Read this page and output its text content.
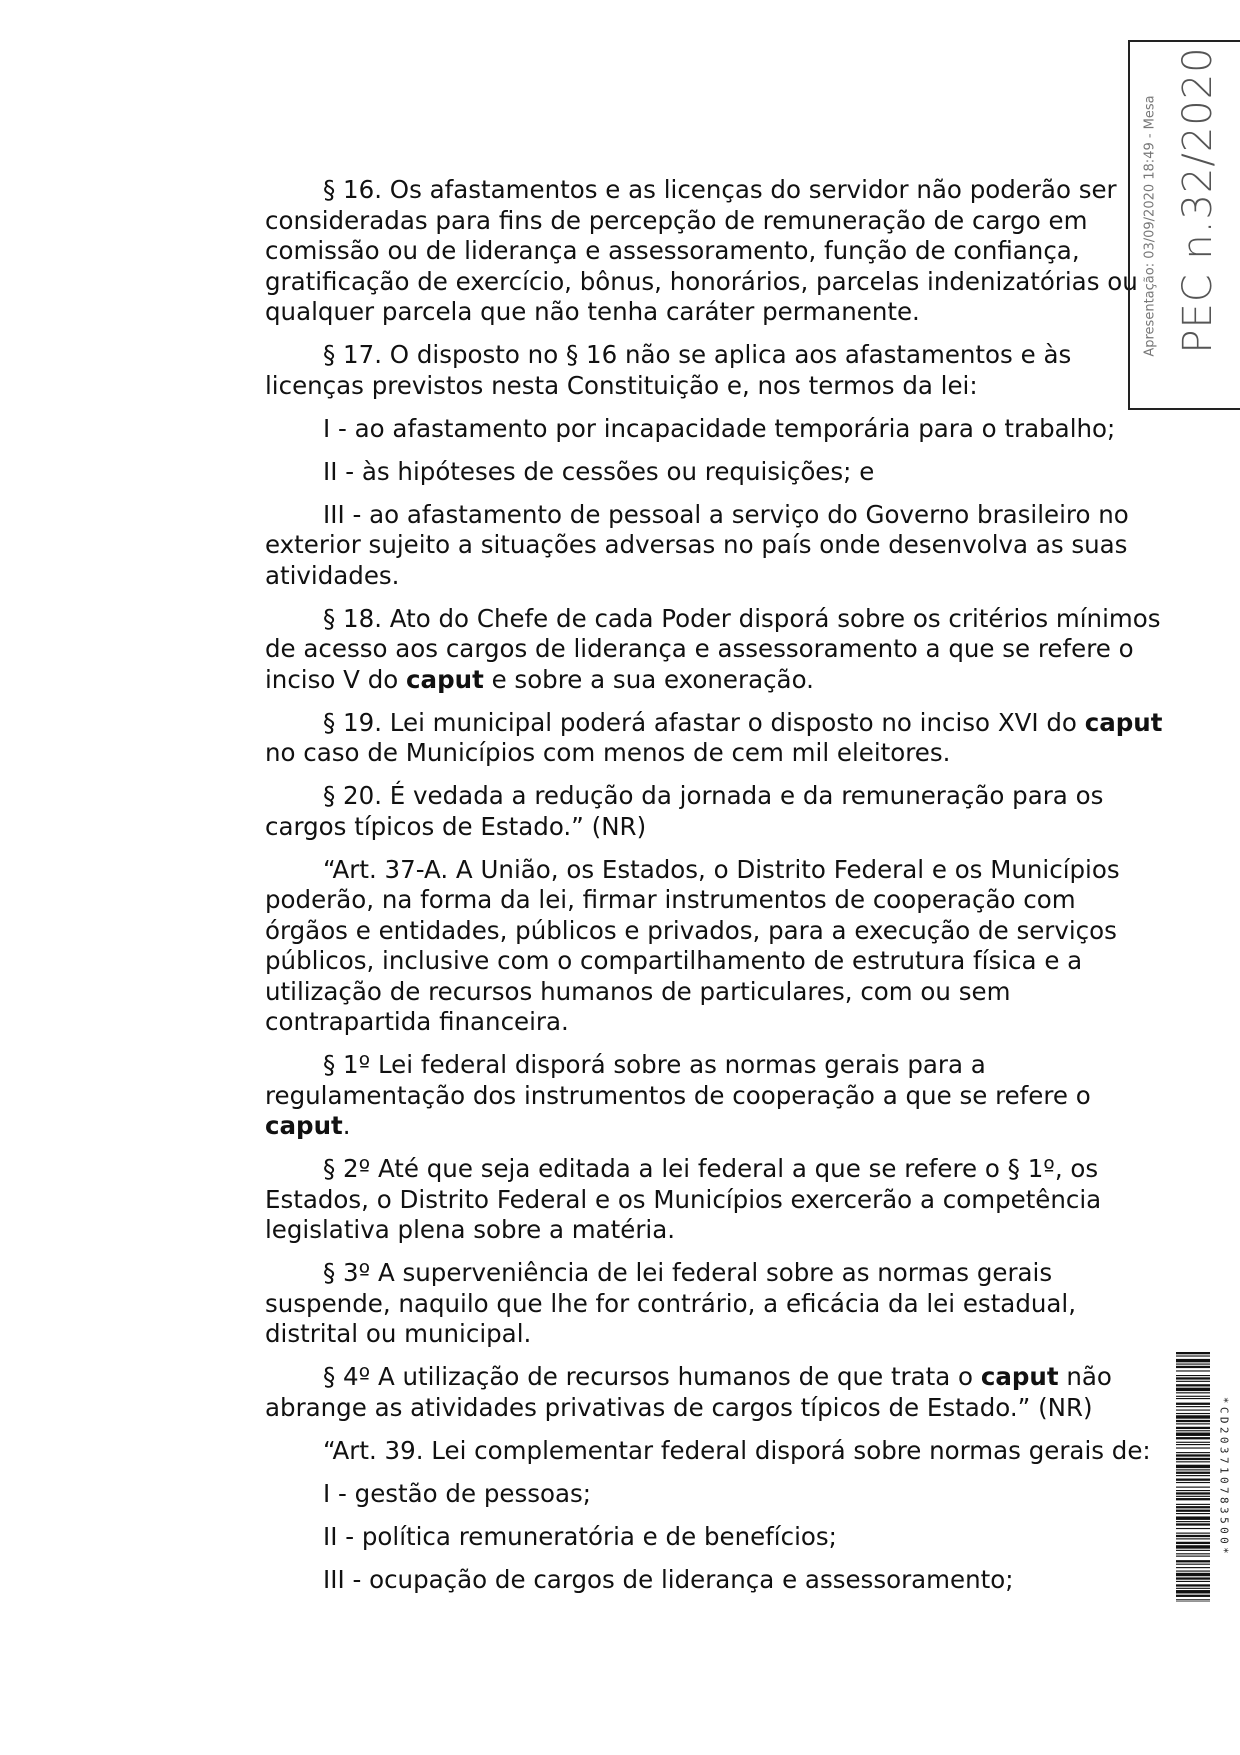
§ 16. Os afastamentos e as licenças do servidor não poderão ser consideradas para fins de percepção de remuneração de cargo em comissão ou de liderança e assessoramento, função de confiança, gratificação de exercício, bônus, honorários, parcelas indenizatórias ou qualquer parcela que não tenha caráter permanente.

§ 17. O disposto no § 16 não se aplica aos afastamentos e às licenças previstos nesta Constituição e, nos termos da lei:

I - ao afastamento por incapacidade temporária para o trabalho;

II - às hipóteses de cessões ou requisições; e

III - ao afastamento de pessoal a serviço do Governo brasileiro no exterior sujeito a situações adversas no país onde desenvolva as suas atividades.

§ 18. Ato do Chefe de cada Poder disporá sobre os critérios mínimos de acesso aos cargos de liderança e assessoramento a que se refere o inciso V do caput e sobre a sua exoneração.

§ 19. Lei municipal poderá afastar o disposto no inciso XVI do caput no caso de Municípios com menos de cem mil eleitores.

§ 20. É vedada a redução da jornada e da remuneração para os cargos típicos de Estado.” (NR)

“Art. 37-A. A União, os Estados, o Distrito Federal e os Municípios poderão, na forma da lei, firmar instrumentos de cooperação com órgãos e entidades, públicos e privados, para a execução de serviços públicos, inclusive com o compartilhamento de estrutura física e a utilização de recursos humanos de particulares, com ou sem contrapartida financeira.

§ 1º Lei federal disporá sobre as normas gerais para a regulamentação dos instrumentos de cooperação a que se refere o caput.

§ 2º Até que seja editada a lei federal a que se refere o § 1º, os Estados, o Distrito Federal e os Municípios exercerão a competência legislativa plena sobre a matéria.

§ 3º A superveniência de lei federal sobre as normas gerais suspende, naquilo que lhe for contrário, a eficácia da lei estadual, distrital ou municipal.

§ 4º A utilização de recursos humanos de que trata o caput não abrange as atividades privativas de cargos típicos de Estado.” (NR)

“Art. 39. Lei complementar federal disporá sobre normas gerais de:

I - gestão de pessoas;

II - política remuneratória e de benefícios;

III - ocupação de cargos de liderança e assessoramento;

Apresentação: 03/09/2020 18:49 - Mesa PEC n.32/2020
*CD203710783500*
